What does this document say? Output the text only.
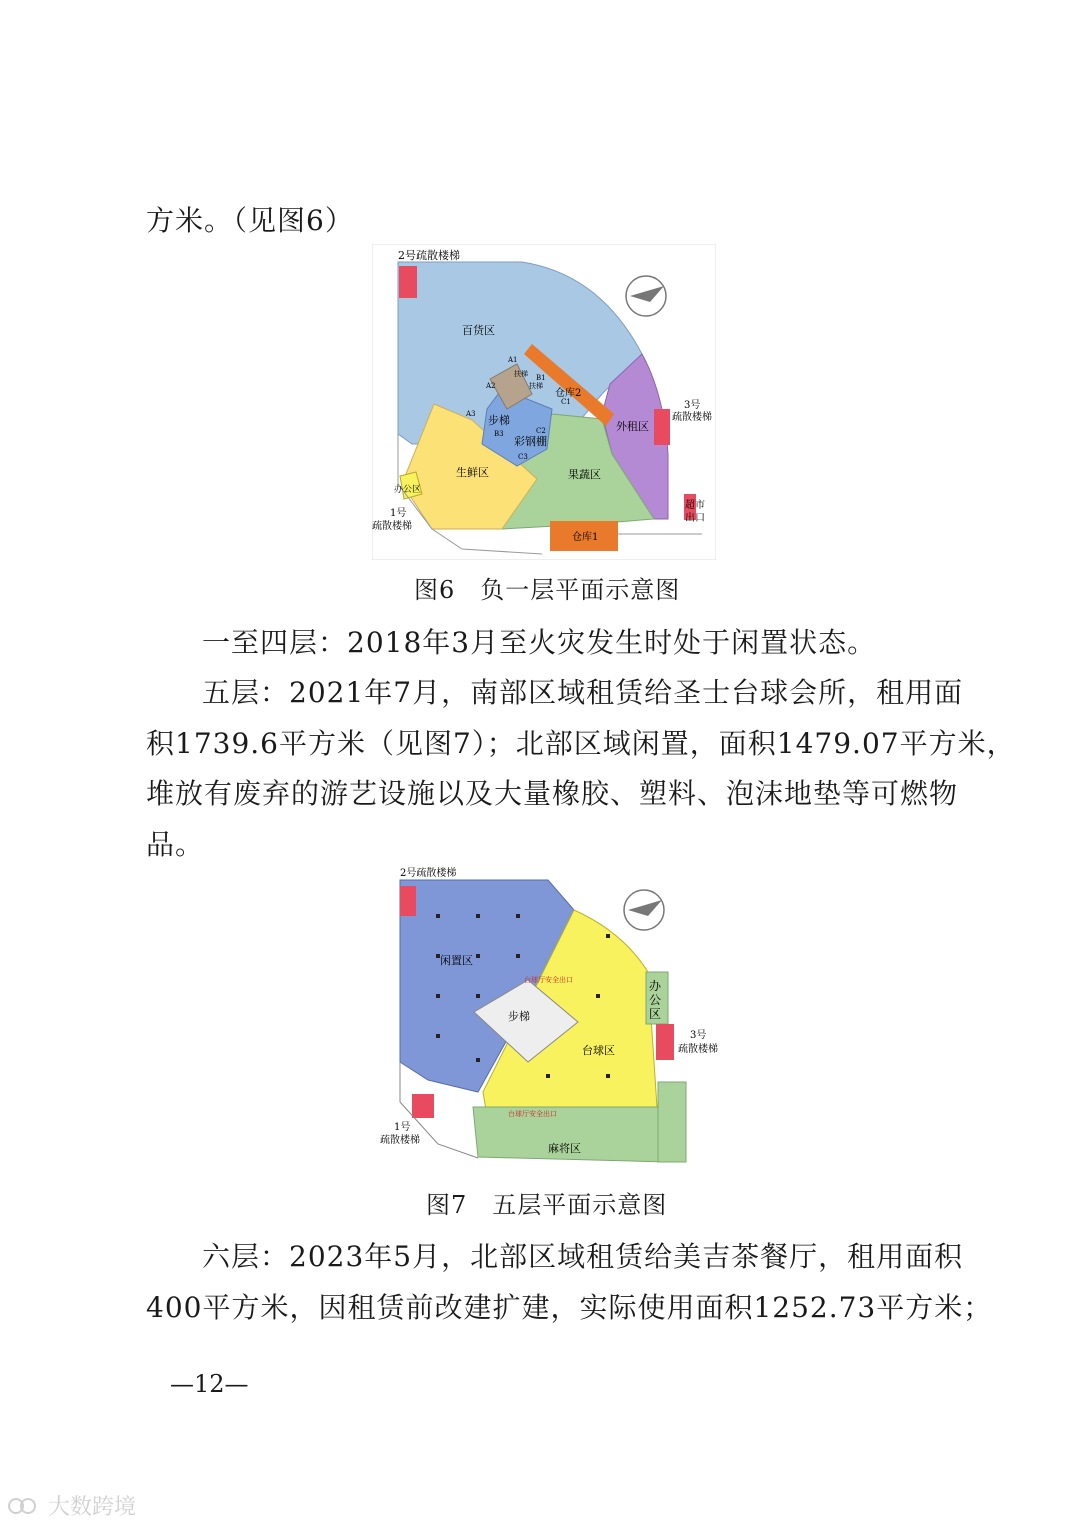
方米。（见图6）
2号疏散楼梯
百货区
外租区
3号
疏散楼梯
仓库2
彩钢棚
步梯
生鲜区	果蔬区
办公区
1号
疏散楼梯
超市
出口
仓库1
A1
A2
A3
B1
B3
C1
C2
C3
扶梯
扶梯
图6　负一层平面示意图
一至四层：2018年3月至火灾发生时处于闲置状态。
五层：2021年7月，南部区域租赁给圣士台球会所，租用面
积1739.6平方米（见图7）；北部区域闲置，面积1479.07平方米，
堆放有废弃的游艺设施以及大量橡胶、塑料、泡沫地垫等可燃物
品。
2号疏散楼梯
闲置区
台球区
办
公
区
3号
疏散楼梯
步梯
麻将区
台球厅安全出口
台球厅安全出口
1号
疏散楼梯
图7　五层平面示意图
六层：2023年5月，北部区域租赁给美吉茶餐厅，租用面积
400平方米，因租赁前改建扩建，实际使用面积1252.73平方米；
—12—
大数跨境
